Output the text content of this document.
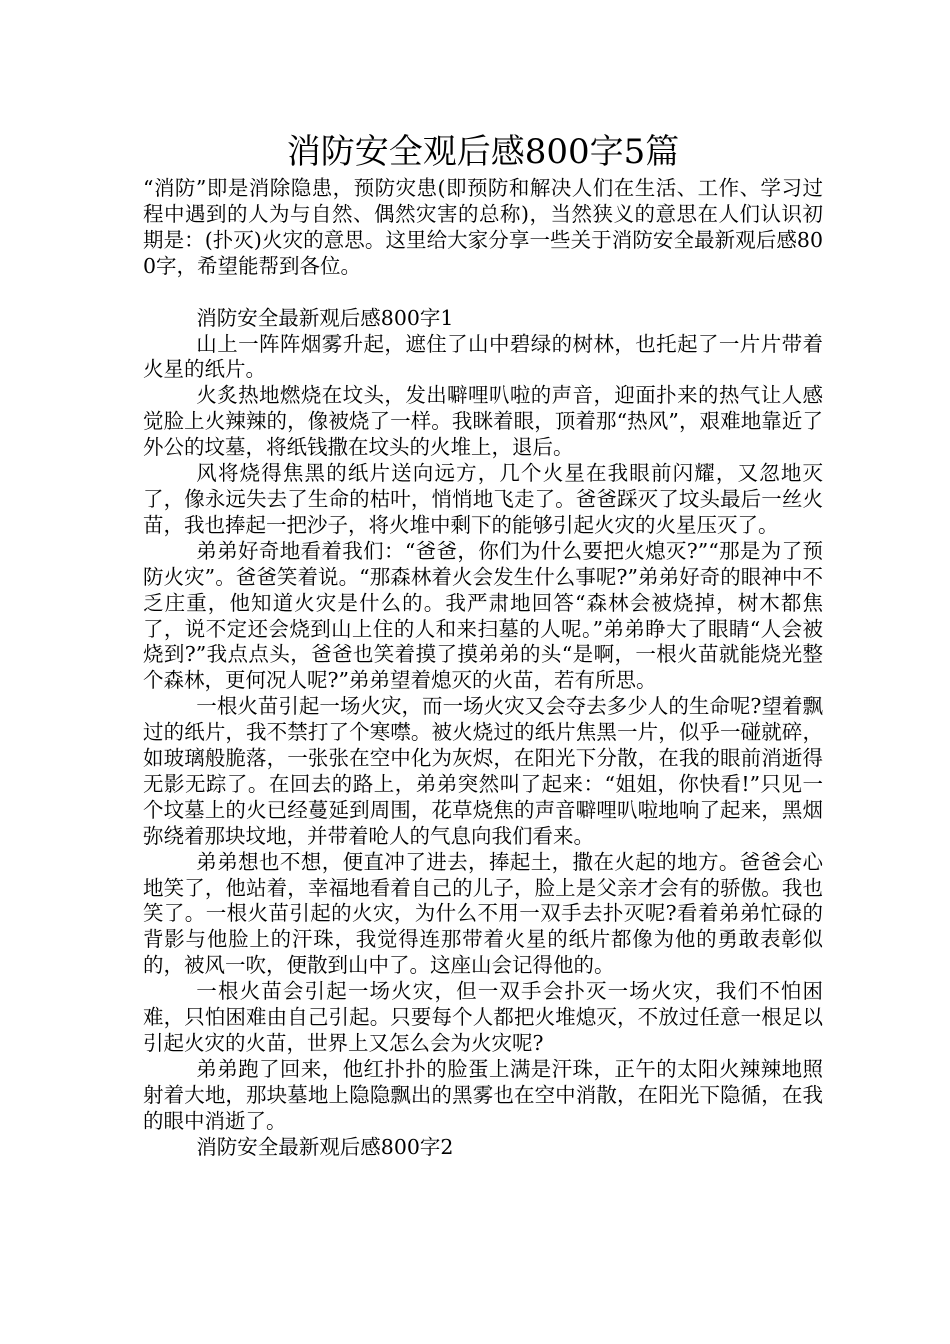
消防安全观后感800字5篇

“消防”即是消除隐患，预防灾患(即预防和解决人们在生活、工作、学习过程中遇到的人为与自然、偶然灾害的总称)，当然狭义的意思在人们认识初期是：(扑灭)火灾的意思。这里给大家分享一些关于消防安全最新观后感800字，希望能帮到各位。

消防安全最新观后感800字1

山上一阵阵烟雾升起，遮住了山中碧绿的树林，也托起了一片片带着火星的纸片。

火炙热地燃烧在坟头，发出噼哩叭啦的声音，迎面扑来的热气让人感觉脸上火辣辣的，像被烧了一样。我眯着眼，顶着那“热风”，艰难地靠近了外公的坟墓，将纸钱撒在坟头的火堆上，退后。

风将烧得焦黑的纸片送向远方，几个火星在我眼前闪耀，又忽地灭了，像永远失去了生命的枯叶，悄悄地飞走了。爸爸踩灭了坟头最后一丝火苗，我也捧起一把沙子，将火堆中剩下的能够引起火灾的火星压灭了。

弟弟好奇地看着我们：“爸爸，你们为什么要把火熄灭?”“那是为了预防火灾”。爸爸笑着说。“那森林着火会发生什么事呢?”弟弟好奇的眼神中不乏庄重，他知道火灾是什么的。我严肃地回答“森林会被烧掉，树木都焦了，说不定还会烧到山上住的人和来扫墓的人呢。”弟弟睁大了眼睛“人会被烧到?”我点点头，爸爸也笑着摸了摸弟弟的头“是啊，一根火苗就能烧光整个森林，更何况人呢?”弟弟望着熄灭的火苗，若有所思。

一根火苗引起一场火灾，而一场火灾又会夺去多少人的生命呢?望着飘过的纸片，我不禁打了个寒噤。被火烧过的纸片焦黑一片，似乎一碰就碎，如玻璃般脆落，一张张在空中化为灰烬，在阳光下分散，在我的眼前消逝得无影无踪了。在回去的路上，弟弟突然叫了起来：“姐姐，你快看!”只见一个坟墓上的火已经蔓延到周围，花草烧焦的声音噼哩叭啦地响了起来，黑烟弥绕着那块坟地，并带着呛人的气息向我们看来。

弟弟想也不想，便直冲了进去，捧起土，撒在火起的地方。爸爸会心地笑了，他站着，幸福地看着自己的儿子，脸上是父亲才会有的骄傲。我也笑了。一根火苗引起的火灾，为什么不用一双手去扑灭呢?看着弟弟忙碌的背影与他脸上的汗珠，我觉得连那带着火星的纸片都像为他的勇敢表彰似的，被风一吹，便散到山中了。这座山会记得他的。

一根火苗会引起一场火灾，但一双手会扑灭一场火灾，我们不怕困难，只怕困难由自己引起。只要每个人都把火堆熄灭，不放过任意一根足以引起火灾的火苗，世界上又怎么会为火灾呢?

弟弟跑了回来，他红扑扑的脸蛋上满是汗珠，正午的太阳火辣辣地照射着大地，那块墓地上隐隐飘出的黑雾也在空中消散，在阳光下隐循，在我的眼中消逝了。

消防安全最新观后感800字2
